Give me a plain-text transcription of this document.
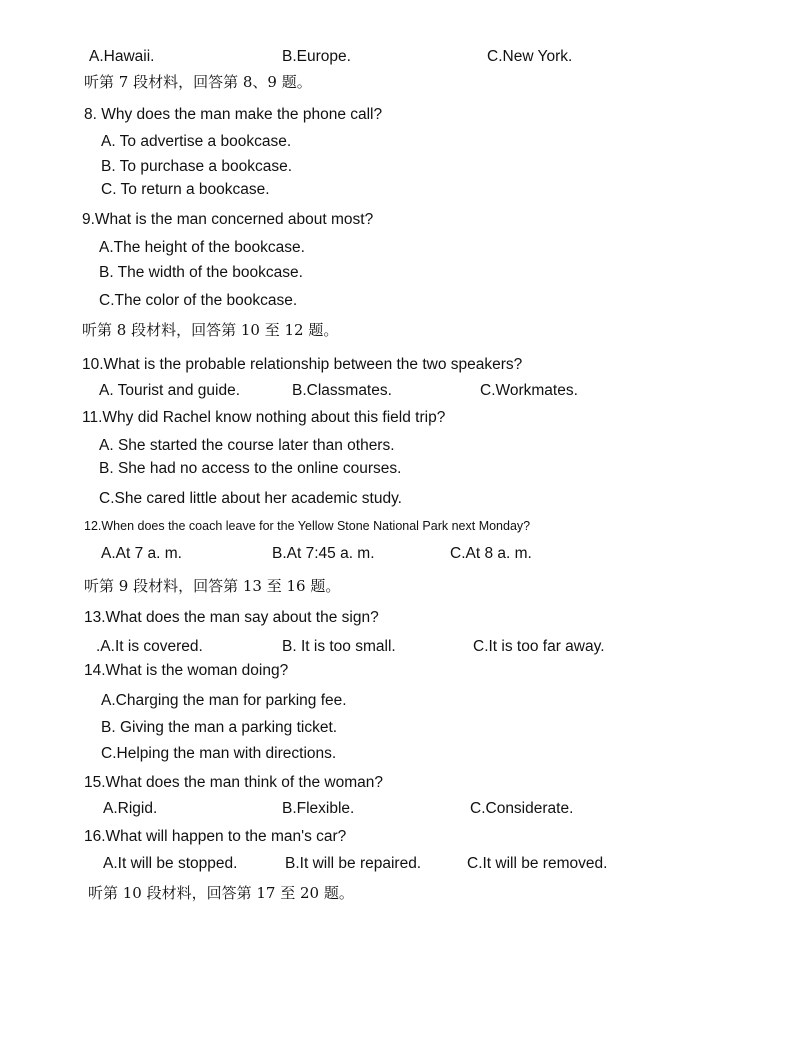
A.Hawaii.	B.Europe.	C.New York.
听第 7 段材料，回答第 8、9 题。
8. Why does the man make the phone call?
A. To advertise a bookcase.
B. To purchase a bookcase.
C. To return a bookcase.
9.What is the man concerned about most?
A.The height of the bookcase.
B. The width of the bookcase.
C.The color of the bookcase.
听第 8 段材料，回答第 10 至 12 题。
10.What is the probable relationship between the two speakers?
A. Tourist and guide.	B.Classmates.	C.Workmates.
11.Why did Rachel know nothing about this field trip?
A. She started the course later than others.
B. She had no access to the online courses.
C.She cared little about her academic study.
12.When does the coach leave for the Yellow Stone National Park next Monday?
A.At 7 a. m.	B.At 7:45 a. m.	C.At 8 a. m.
听第 9 段材料，回答第 13 至 16 题。
13.What does the man say about the sign?
.A.It is covered.	B. It is too small.	C.It is too far away.
14.What is the woman doing?
A.Charging the man for parking fee.
B. Giving the man a parking ticket.
C.Helping the man with directions.
15.What does the man think of the woman?
A.Rigid.	B.Flexible.	C.Considerate.
16.What will happen to the man's car?
A.It will be stopped.	B.It will be repaired.	C.It will be removed.
听第 10 段材料，回答第 17 至 20 题。
